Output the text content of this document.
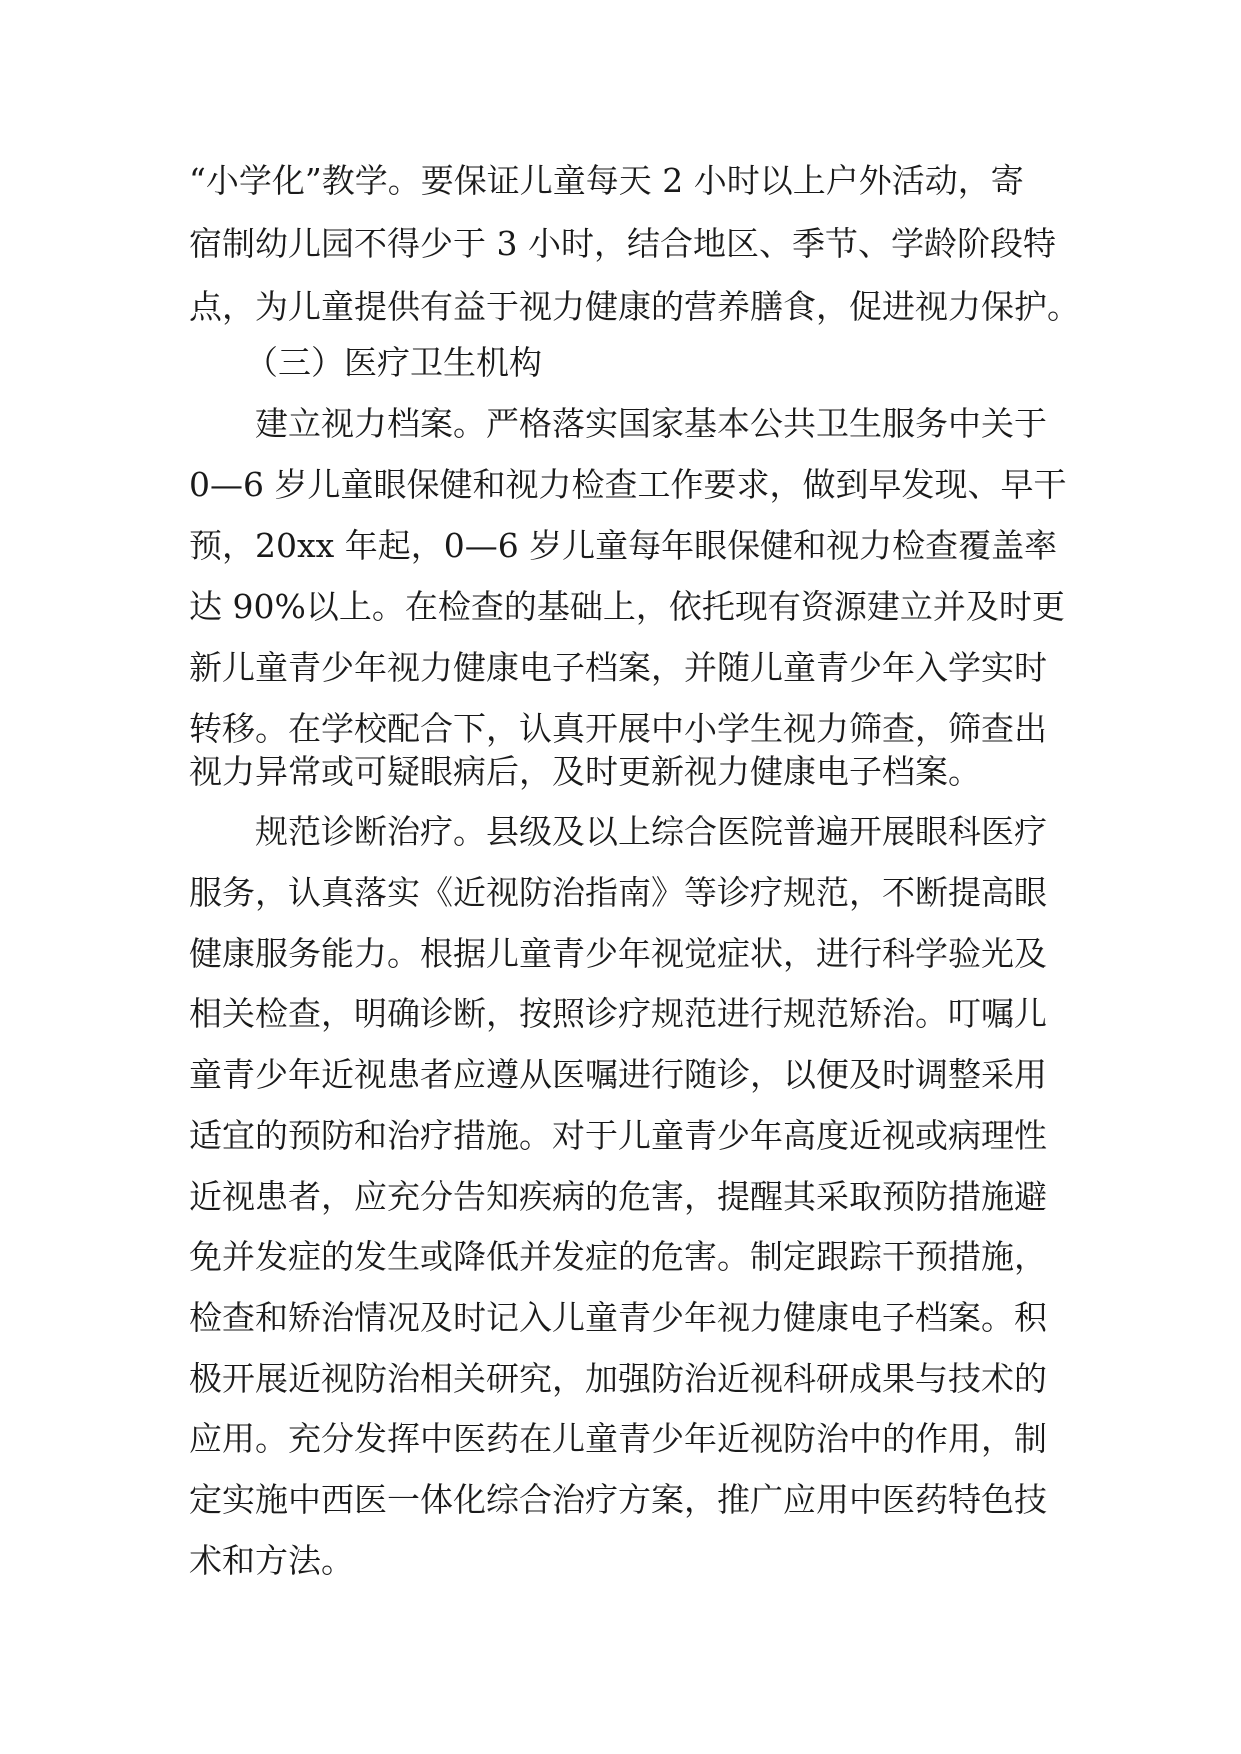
“小学化”教学。要保证儿童每天 2 小时以上户外活动，寄
宿制幼儿园不得少于 3 小时，结合地区、季节、学龄阶段特
点，为儿童提供有益于视力健康的营养膳食，促进视力保护。
（三）医疗卫生机构
建立视力档案。严格落实国家基本公共卫生服务中关于
0—6 岁儿童眼保健和视力检查工作要求，做到早发现、早干
预，20xx 年起，0—6 岁儿童每年眼保健和视力检查覆盖率
达 90%以上。在检查的基础上，依托现有资源建立并及时更
新儿童青少年视力健康电子档案，并随儿童青少年入学实时
转移。在学校配合下，认真开展中小学生视力筛查，筛查出
视力异常或可疑眼病后，及时更新视力健康电子档案。
规范诊断治疗。县级及以上综合医院普遍开展眼科医疗
服务，认真落实《近视防治指南》等诊疗规范，不断提高眼
健康服务能力。根据儿童青少年视觉症状，进行科学验光及
相关检查，明确诊断，按照诊疗规范进行规范矫治。叮嘱儿
童青少年近视患者应遵从医嘱进行随诊，以便及时调整采用
适宜的预防和治疗措施。对于儿童青少年高度近视或病理性
近视患者，应充分告知疾病的危害，提醒其采取预防措施避
免并发症的发生或降低并发症的危害。制定跟踪干预措施，
检查和矫治情况及时记入儿童青少年视力健康电子档案。积
极开展近视防治相关研究，加强防治近视科研成果与技术的
应用。充分发挥中医药在儿童青少年近视防治中的作用，制
定实施中西医一体化综合治疗方案，推广应用中医药特色技
术和方法。
